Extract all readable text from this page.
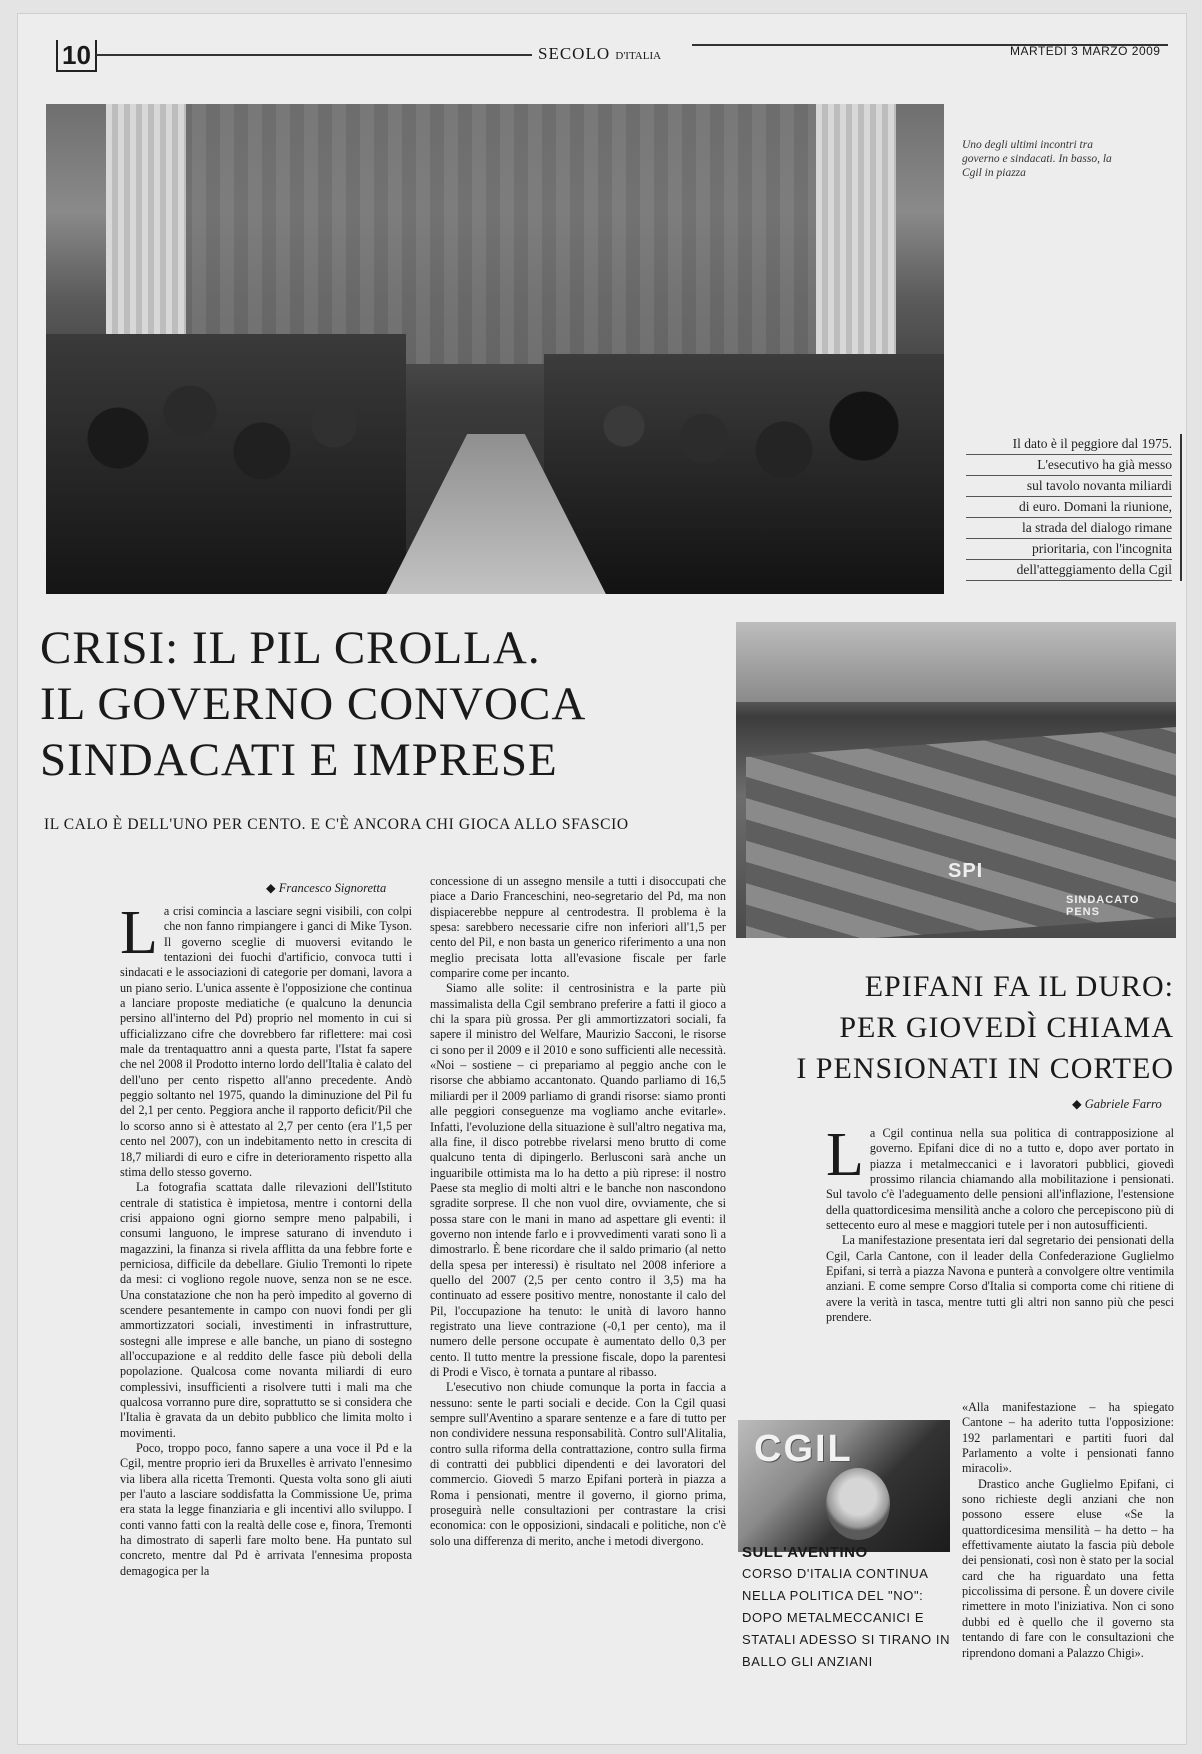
10	SECOLO D'ITALIA	MARTEDÌ 3 MARZO 2009
Uno degli ultimi incontri tra governo e sindacati. In basso, la Cgil in piazza
Il dato è il peggiore dal 1975.
L'esecutivo ha già messo
sul tavolo novanta miliardi
di euro. Domani la riunione,
la strada del dialogo rimane
prioritaria, con l'incognita
dell'atteggiamento della Cgil
CRISI: IL PIL CROLLA.
IL GOVERNO CONVOCA
SINDACATI E IMPRESE
IL CALO È DELL'UNO PER CENTO. E C'È ANCORA CHI GIOCA ALLO SFASCIO
◆ Francesco Signoretta

La crisi comincia a lasciare segni visibili, con colpi che non fanno rimpiangere i ganci di Mike Tyson. Il governo sceglie di muoversi evitando le tentazioni dei fuochi d'artificio, convoca tutti i sindacati e le associazioni di categorie per domani, lavora a un piano serio. L'unica assente è l'opposizione che continua a lanciare proposte mediatiche (e qualcuno la denuncia persino all'interno del Pd) proprio nel momento in cui si ufficializzano cifre che dovrebbero far riflettere: mai così male da trentaquattro anni a questa parte, l'Istat fa sapere che nel 2008 il Prodotto interno lordo dell'Italia è calato del dell'uno per cento rispetto all'anno precedente. Andò peggio soltanto nel 1975, quando la diminuzione del Pil fu del 2,1 per cento. Peggiora anche il rapporto deficit/Pil che lo scorso anno si è attestato al 2,7 per cento (era l'1,5 per cento nel 2007), con un indebitamento netto in crescita di 18,7 miliardi di euro e cifre in deterioramento rispetto alla stima dello stesso governo.

La fotografia scattata dalle rilevazioni dell'Istituto centrale di statistica è impietosa, mentre i contorni della crisi appaiono ogni giorno sempre meno palpabili, i consumi languono, le imprese saturano di invenduto i magazzini, la finanza si rivela afflitta da una febbre forte e perniciosa, difficile da debellare. Giulio Tremonti lo ripete da mesi: ci vogliono regole nuove, senza non se ne esce. Una constatazione che non ha però impedito al governo di scendere pesantemente in campo con nuovi fondi per gli ammortizzatori sociali, investimenti in infrastrutture, sostegni alle imprese e alle banche, un piano di sostegno all'occupazione e al reddito delle fasce più deboli della popolazione. Qualcosa come novanta miliardi di euro complessivi, insufficienti a risolvere tutti i mali ma che qualcosa vorranno pure dire, soprattutto se si considera che l'Italia è gravata da un debito pubblico che limita molto i movimenti.

Poco, troppo poco, fanno sapere a una voce il Pd e la Cgil, mentre proprio ieri da Bruxelles è arrivato l'ennesimo via libera alla ricetta Tremonti. Questa volta sono gli aiuti per l'auto a lasciare soddisfatta la Commissione Ue, prima era stata la legge finanziaria e gli incentivi allo sviluppo. I conti vanno fatti con la realtà delle cose e, finora, Tremonti ha dimostrato di saperli fare molto bene. Ha puntato sul concreto, mentre dal Pd è arrivata l'ennesima proposta demagogica per la

concessione di un assegno mensile a tutti i disoccupati che piace a Dario Franceschini, neo-segretario del Pd, ma non dispiacerebbe neppure al centrodestra. Il problema è la spesa: sarebbero necessarie cifre non inferiori all'1,5 per cento del Pil, e non basta un generico riferimento a una non meglio precisata lotta all'evasione fiscale per farle comparire come per incanto.

Siamo alle solite: il centrosinistra e la parte più massimalista della Cgil sembrano preferire a fatti il gioco a chi la spara più grossa. Per gli ammortizzatori sociali, fa sapere il ministro del Welfare, Maurizio Sacconi, le risorse ci sono per il 2009 e il 2010 e sono sufficienti alle necessità. «Noi – sostiene – ci prepariamo al peggio anche con le risorse che abbiamo accantonato. Quando parliamo di 16,5 miliardi per il 2009 parliamo di grandi risorse: siamo pronti alle peggiori conseguenze ma vogliamo anche evitarle». Infatti, l'evoluzione della situazione è sull'altro negativa ma, alla fine, il disco potrebbe rivelarsi meno brutto di come qualcuno tenta di dipingerlo. Berlusconi sarà anche un inguaribile ottimista ma lo ha detto a più riprese: il nostro Paese sta meglio di molti altri e le banche non nascondono sgradite sorprese. Il che non vuol dire, ovviamente, che si possa stare con le mani in mano ad aspettare gli eventi: il governo non intende farlo e i provvedimenti varati sono lì a dimostrarlo. È bene ricordare che il saldo primario (al netto della spesa per interessi) è risultato nel 2008 inferiore a quello del 2007 (2,5 per cento contro il 3,5) ma ha continuato ad essere positivo mentre, nonostante il calo del Pil, l'occupazione ha tenuto: le unità di lavoro hanno registrato una lieve contrazione (-0,1 per cento), ma il numero delle persone occupate è aumentato dello 0,3 per cento. Il tutto mentre la pressione fiscale, dopo la parentesi di Prodi e Visco, è tornata a puntare al ribasso.

L'esecutivo non chiude comunque la porta in faccia a nessuno: sente le parti sociali e decide. Con la Cgil quasi sempre sull'Aventino a sparare sentenze e a fare di tutto per non condividere nessuna responsabilità. Contro sull'Alitalia, contro sulla riforma della contrattazione, contro sulla firma di contratti dei pubblici dipendenti e dei lavoratori del commercio. Giovedì 5 marzo Epifani porterà in piazza a Roma i pensionati, mentre il governo, il giorno prima, proseguirà nelle consultazioni per contrastare la crisi economica: con le opposizioni, sindacali e politiche, non c'è solo una differenza di merito, anche i metodi divergono.

SPI
SINDACATO PENS
EPIFANI FA IL DURO:
PER GIOVEDÌ CHIAMA
I PENSIONATI IN CORTEO
◆ Gabriele Farro

La Cgil continua nella sua politica di contrapposizione al governo. Epifani dice di no a tutto e, dopo aver portato in piazza i metalmeccanici e i lavoratori pubblici, giovedì prossimo rilancia chiamando alla mobilitazione i pensionati. Sul tavolo c'è l'adeguamento delle pensioni all'inflazione, l'estensione della quattordicesima mensilità anche a coloro che percepiscono più di settecento euro al mese e maggiori tutele per i non autosufficienti.

La manifestazione presentata ieri dal segretario dei pensionati della Cgil, Carla Cantone, con il leader della Confederazione Guglielmo Epifani, si terrà a piazza Navona e punterà a convolgere oltre ventimila anziani. E come sempre Corso d'Italia si comporta come chi ritiene di avere la verità in tasca, mentre tutti gli altri non sanno più che pesci prendere.

«Alla manifestazione – ha spiegato Cantone – ha aderito tutta l'opposizione: 192 parlamentari e partiti fuori dal Parlamento a volte i pensionati fanno miracoli».

Drastico anche Guglielmo Epifani, ci sono richieste degli anziani che non possono essere eluse «Se la quattordicesima mensilità – ha detto – ha effettivamente aiutato la fascia più debole dei pensionati, così non è stato per la social card che ha riguardato una fetta piccolissima di persone. È un dovere civile rimettere in moto l'iniziativa. Non ci sono dubbi ed è quello che il governo sta tentando di fare con le consultazioni che riprendono domani a Palazzo Chigi».

CGIL
SULL'AVENTINO
CORSO D'ITALIA CONTINUA NELLA POLITICA DEL "NO": DOPO METALMECCANICI E STATALI ADESSO SI TIRANO IN BALLO GLI ANZIANI
